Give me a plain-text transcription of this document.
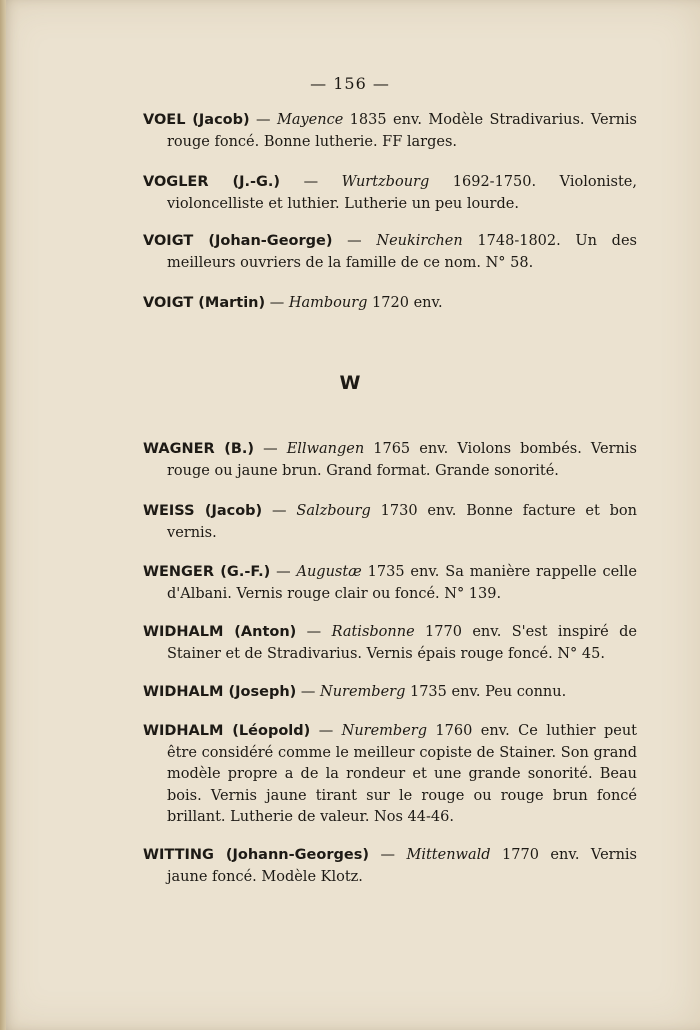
— 156 —
VOEL (Jacob) — Mayence 1835 env. Modèle Stradivarius. Vernis rouge foncé. Bonne lutherie. FF larges.
VOGLER (J.-G.) — Wurtzbourg 1692-1750. Violoniste, violoncelliste et luthier. Lutherie un peu lourde.
VOIGT (Johan-George) — Neukirchen 1748-1802. Un des meilleurs ouvriers de la famille de ce nom. N° 58.
VOIGT (Martin) — Hambourg 1720 env.
W
WAGNER (B.) — Ellwangen 1765 env. Violons bombés. Vernis rouge ou jaune brun. Grand format. Grande sonorité.
WEISS (Jacob) — Salzbourg 1730 env. Bonne facture et bon vernis.
WENGER (G.-F.) — Augustæ 1735 env. Sa manière rappelle celle d'Albani. Vernis rouge clair ou foncé. N° 139.
WIDHALM (Anton) — Ratisbonne 1770 env. S'est inspiré de Stainer et de Stradivarius. Vernis épais rouge foncé. N° 45.
WIDHALM (Joseph) — Nuremberg 1735 env. Peu connu.
WIDHALM (Léopold) — Nuremberg 1760 env. Ce luthier peut être considéré comme le meilleur copiste de Stainer. Son grand modèle propre a de la rondeur et une grande sonorité. Beau bois. Vernis jaune tirant sur le rouge ou rouge brun foncé brillant. Lutherie de valeur. Nos 44-46.
WITTING (Johann-Georges) — Mittenwald 1770 env. Vernis jaune foncé. Modèle Klotz.
